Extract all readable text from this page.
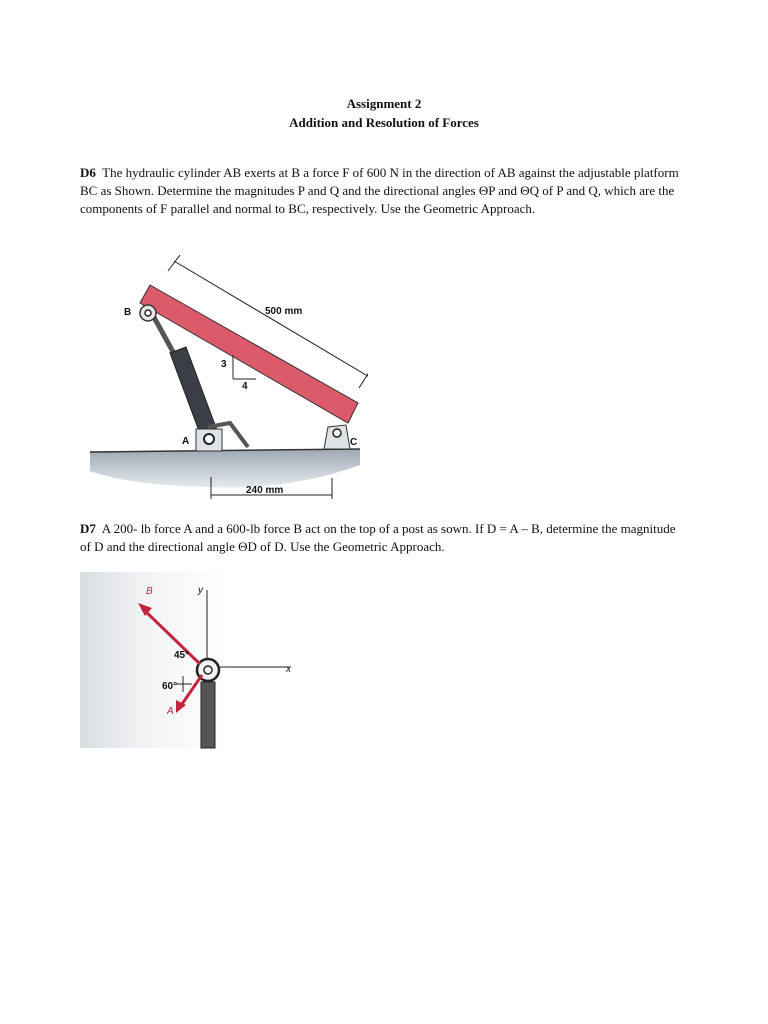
Assignment 2
Addition and Resolution of Forces
D6 The hydraulic cylinder AB exerts at B a force F of 600 N in the direction of AB against the adjustable platform BC as Shown. Determine the magnitudes P and Q and the directional angles ΘP and ΘQ of P and Q, which are the components of F parallel and normal to BC, respectively. Use the Geometric Approach.
B
A	C
500 mm
240 mm
3
4
D7 A 200- lb force A and a 600-lb force B act on the top of a post as sown. If D = A – B, determine the magnitude of D and the directional angle ΘD of D. Use the Geometric Approach.
B
A
y
x
45°
60°
